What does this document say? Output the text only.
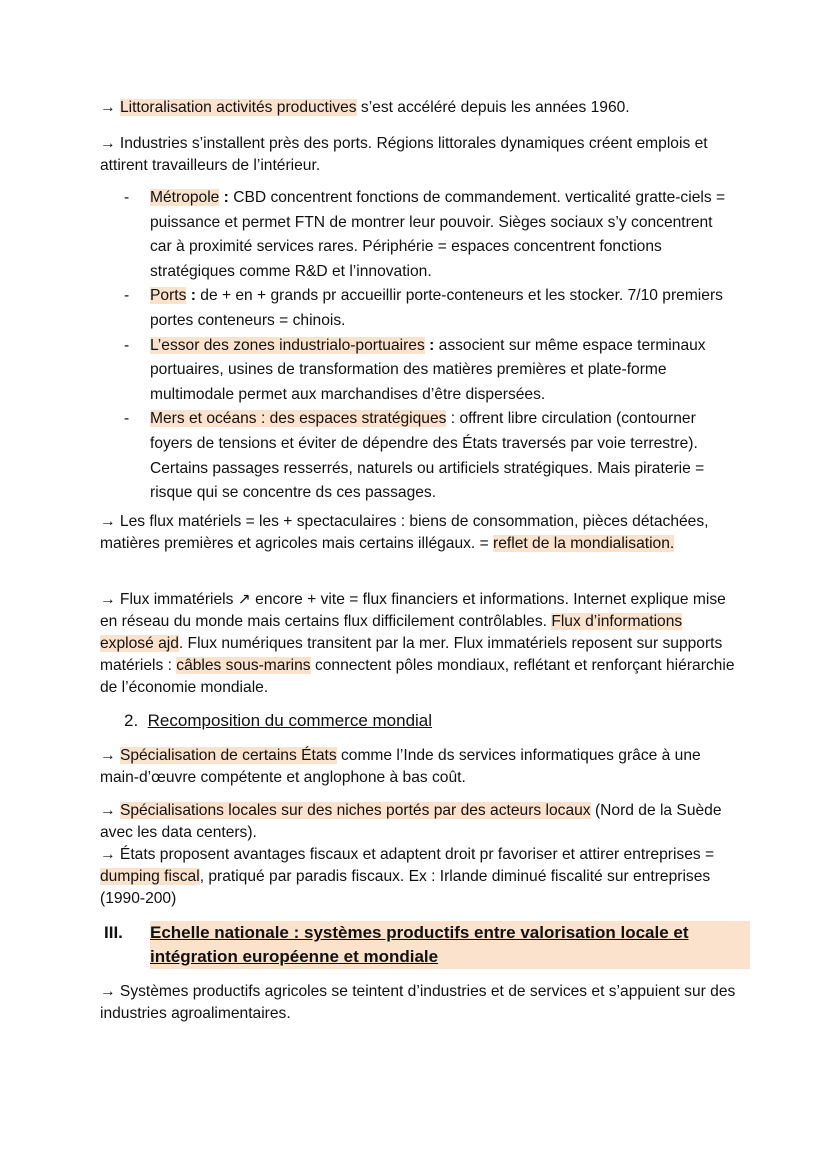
→ Littoralisation activités productives s’est accéléré depuis les années 1960.

→ Industries s’installent près des ports. Régions littorales dynamiques créent emplois et attirent travailleurs de l’intérieur.

- Métropole : CBD concentrent fonctions de commandement. verticalité gratte-ciels = puissance et permet FTN de montrer leur pouvoir. Sièges sociaux s’y concentrent car à proximité services rares. Périphérie = espaces concentrent fonctions stratégiques comme R&D et l’innovation.
- Ports : de + en + grands pr accueillir porte-conteneurs et les stocker. 7/10 premiers portes conteneurs = chinois.
- L’essor des zones industrialo-portuaires : associent sur même espace terminaux portuaires, usines de transformation des matières premières et plate-forme multimodale permet aux marchandises d’être dispersées.
- Mers et océans : des espaces stratégiques : offrent libre circulation (contourner foyers de tensions et éviter de dépendre des États traversés par voie terrestre). Certains passages resserrés, naturels ou artificiels stratégiques. Mais piraterie = risque qui se concentre ds ces passages.

→ Les flux matériels = les + spectaculaires : biens de consommation, pièces détachées, matières premières et agricoles mais certains illégaux. = reflet de la mondialisation.

→ Flux immatériels ↗ encore + vite = flux financiers et informations. Internet explique mise en réseau du monde mais certains flux difficilement contrôlables. Flux d’informations explosé ajd. Flux numériques transitent par la mer. Flux immatériels reposent sur supports matériels : câbles sous-marins connectent pôles mondiaux, reflétant et renforçant hiérarchie de l’économie mondiale.

2. Recomposition du commerce mondial

→ Spécialisation de certains États comme l’Inde ds services informatiques grâce à une main-d’œuvre compétente et anglophone à bas coût.

→ Spécialisations locales sur des niches portés par des acteurs locaux (Nord de la Suède avec les data centers).

→ États proposent avantages fiscaux et adaptent droit pr favoriser et attirer entreprises = dumping fiscal, pratiqué par paradis fiscaux. Ex : Irlande diminué fiscalité sur entreprises (1990-200)

III. Echelle nationale : systèmes productifs entre valorisation locale et intégration européenne et mondiale

→ Systèmes productifs agricoles se teintent d’industries et de services et s’appuient sur des industries agroalimentaires.
